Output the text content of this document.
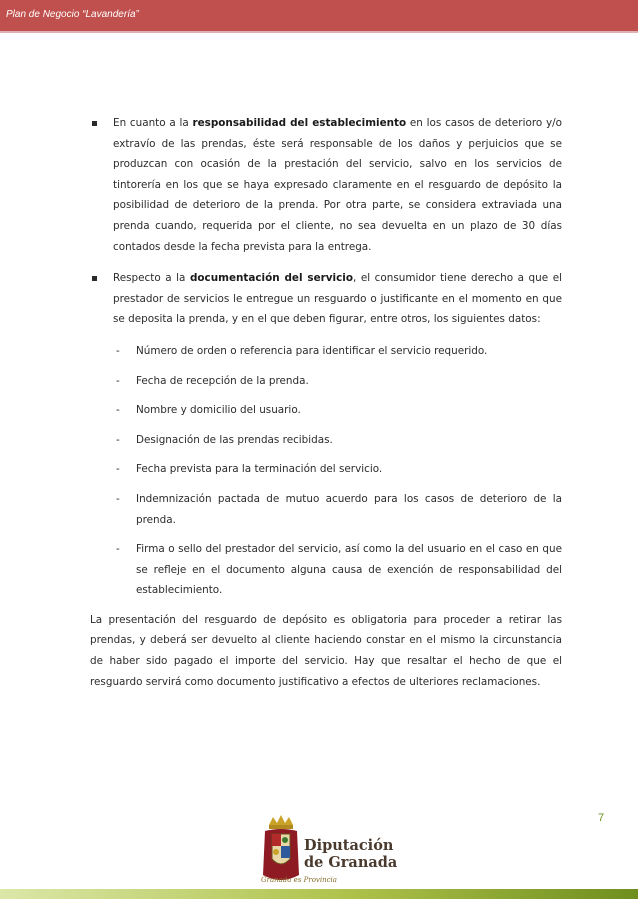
Plan de Negocio “Lavandería”
En cuanto a la responsabilidad del establecimiento en los casos de deterioro y/o extravío de las prendas, éste será responsable de los daños y perjuicios que se produzcan con ocasión de la prestación del servicio, salvo en los servicios de tintorería en los que se haya expresado claramente en el resguardo de depósito la posibilidad de deterioro de la prenda. Por otra parte, se considera extraviada una prenda cuando, requerida por el cliente, no sea devuelta en un plazo de 30 días contados desde la fecha prevista para la entrega.
Respecto a la documentación del servicio, el consumidor tiene derecho a que el prestador de servicios le entregue un resguardo o justificante en el momento en que se deposita la prenda, y en el que deben figurar, entre otros, los siguientes datos:
- Número de orden o referencia para identificar el servicio requerido.
- Fecha de recepción de la prenda.
- Nombre y domicilio del usuario.
- Designación de las prendas recibidas.
- Fecha prevista para la terminación del servicio.
- Indemnización pactada de mutuo acuerdo para los casos de deterioro de la prenda.
- Firma o sello del prestador del servicio, así como la del usuario en el caso en que se refleje en el documento alguna causa de exención de responsabilidad del establecimiento.

La presentación del resguardo de depósito es obligatoria para proceder a retirar las prendas, y deberá ser devuelto al cliente haciendo constar en el mismo la circunstancia de haber sido pagado el importe del servicio. Hay que resaltar el hecho de que el resguardo servirá como documento justificativo a efectos de ulteriores reclamaciones.

7
Diputación
de Granada
Granada es Provincia
